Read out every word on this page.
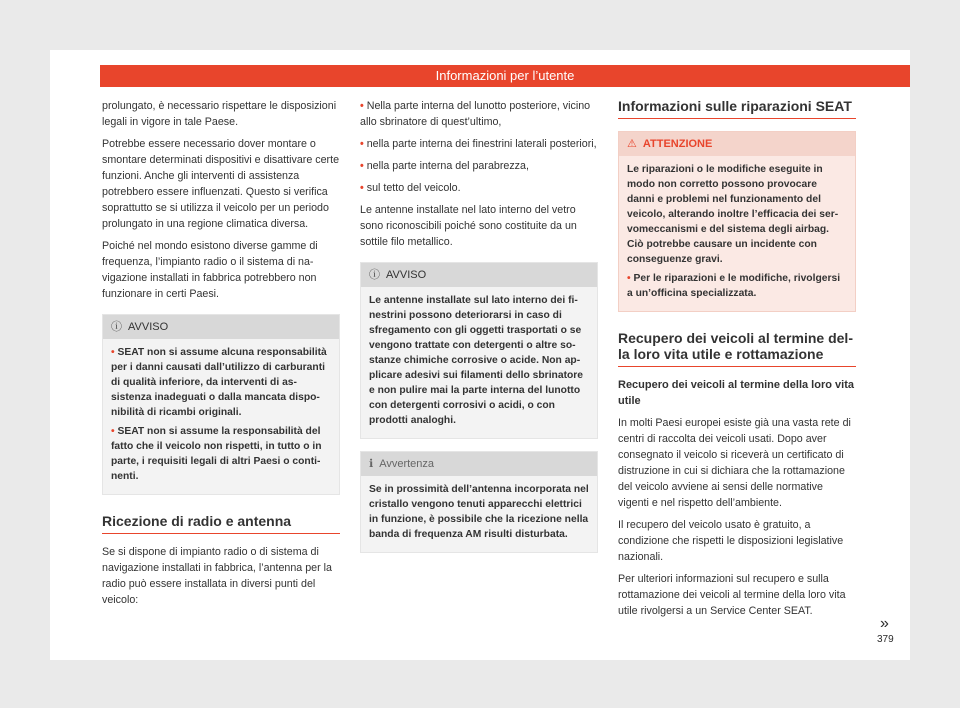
Informazioni per l’utente

prolungato, è necessario rispettare le disposizioni legali in vigore in tale Paese.

Potrebbe essere necessario dover montare o smontare determinati dispositivi e disattivare certe funzioni. Anche gli interventi di assistenza potrebbero essere influenzati. Questo si verifica soprattutto se si utilizza il veicolo per un periodo prolungato in una regione climatica diversa.

Poiché nel mondo esistono diverse gamme di frequenza, l’impianto radio o il sistema di navigazione installati in fabbrica potrebbero non funzionare in certi Paesi.

ⓘ AVVISO

• SEAT non si assume alcuna responsabilità per i danni causati dall’utilizzo di carburanti di qualità inferiore, da interventi di assistenza inadeguati o dalla mancata disponibilità di ricambi originali.

• SEAT non si assume la responsabilità del fatto che il veicolo non rispetti, in tutto o in parte, i requisiti legali di altri Paesi o continenti.

Ricezione di radio e antenna

Se si dispone di impianto radio o di sistema di navigazione installati in fabbrica, l’antenna per la radio può essere installata in diversi punti del veicolo:

• Nella parte interna del lunotto posteriore, vicino allo sbrinatore di quest’ultimo,

• nella parte interna dei finestrini laterali posteriori,

• nella parte interna del parabrezza,

• sul tetto del veicolo.

Le antenne installate nel lato interno del vetro sono riconoscibili poiché sono costituite da un sottile filo metallico.

ⓘ AVVISO

Le antenne installate sul lato interno dei finestrini possono deteriorarsi in caso di sfregamento con gli oggetti trasportati o se vengono trattate con detergenti o altre sostanze chimiche corrosive o acide. Non applicare adesivi sui filamenti dello sbrinatore e non pulire mai la parte interna del lunotto con detergenti corrosivi o acidi, o con prodotti analoghi.

ℹ Avvertenza

Se in prossimità dell’antenna incorporata nel cristallo vengono tenuti apparecchi elettrici in funzione, è possibile che la ricezione nella banda di frequenza AM risulti disturbata.

Informazioni sulle riparazioni SEAT
⚠ ATTENZIONE

Le riparazioni o le modifiche eseguite in modo non corretto possono provocare danni e problemi nel funzionamento del veicolo, alterando inoltre l’efficacia dei servomeccanismi e del sistema degli airbag. Ciò potrebbe causare un incidente con conseguenze gravi.

• Per le riparazioni e le modifiche, rivolgersi a un’officina specializzata.

Recupero dei veicoli al termine della loro vita utile e rottamazione

Recupero dei veicoli al termine della loro vita utile

In molti Paesi europei esiste già una vasta rete di centri di raccolta dei veicoli usati. Dopo aver consegnato il veicolo si riceverà un certificato di distruzione in cui si dichiara che la rottamazione del veicolo avviene ai sensi delle normative vigenti e nel rispetto dell’ambiente.

Il recupero del veicolo usato è gratuito, a condizione che rispetti le disposizioni legislative nazionali.

Per ulteriori informazioni sul recupero e sulla rottamazione dei veicoli al termine della loro vita utile rivolgersi a un Service Center SEAT.

»
379
